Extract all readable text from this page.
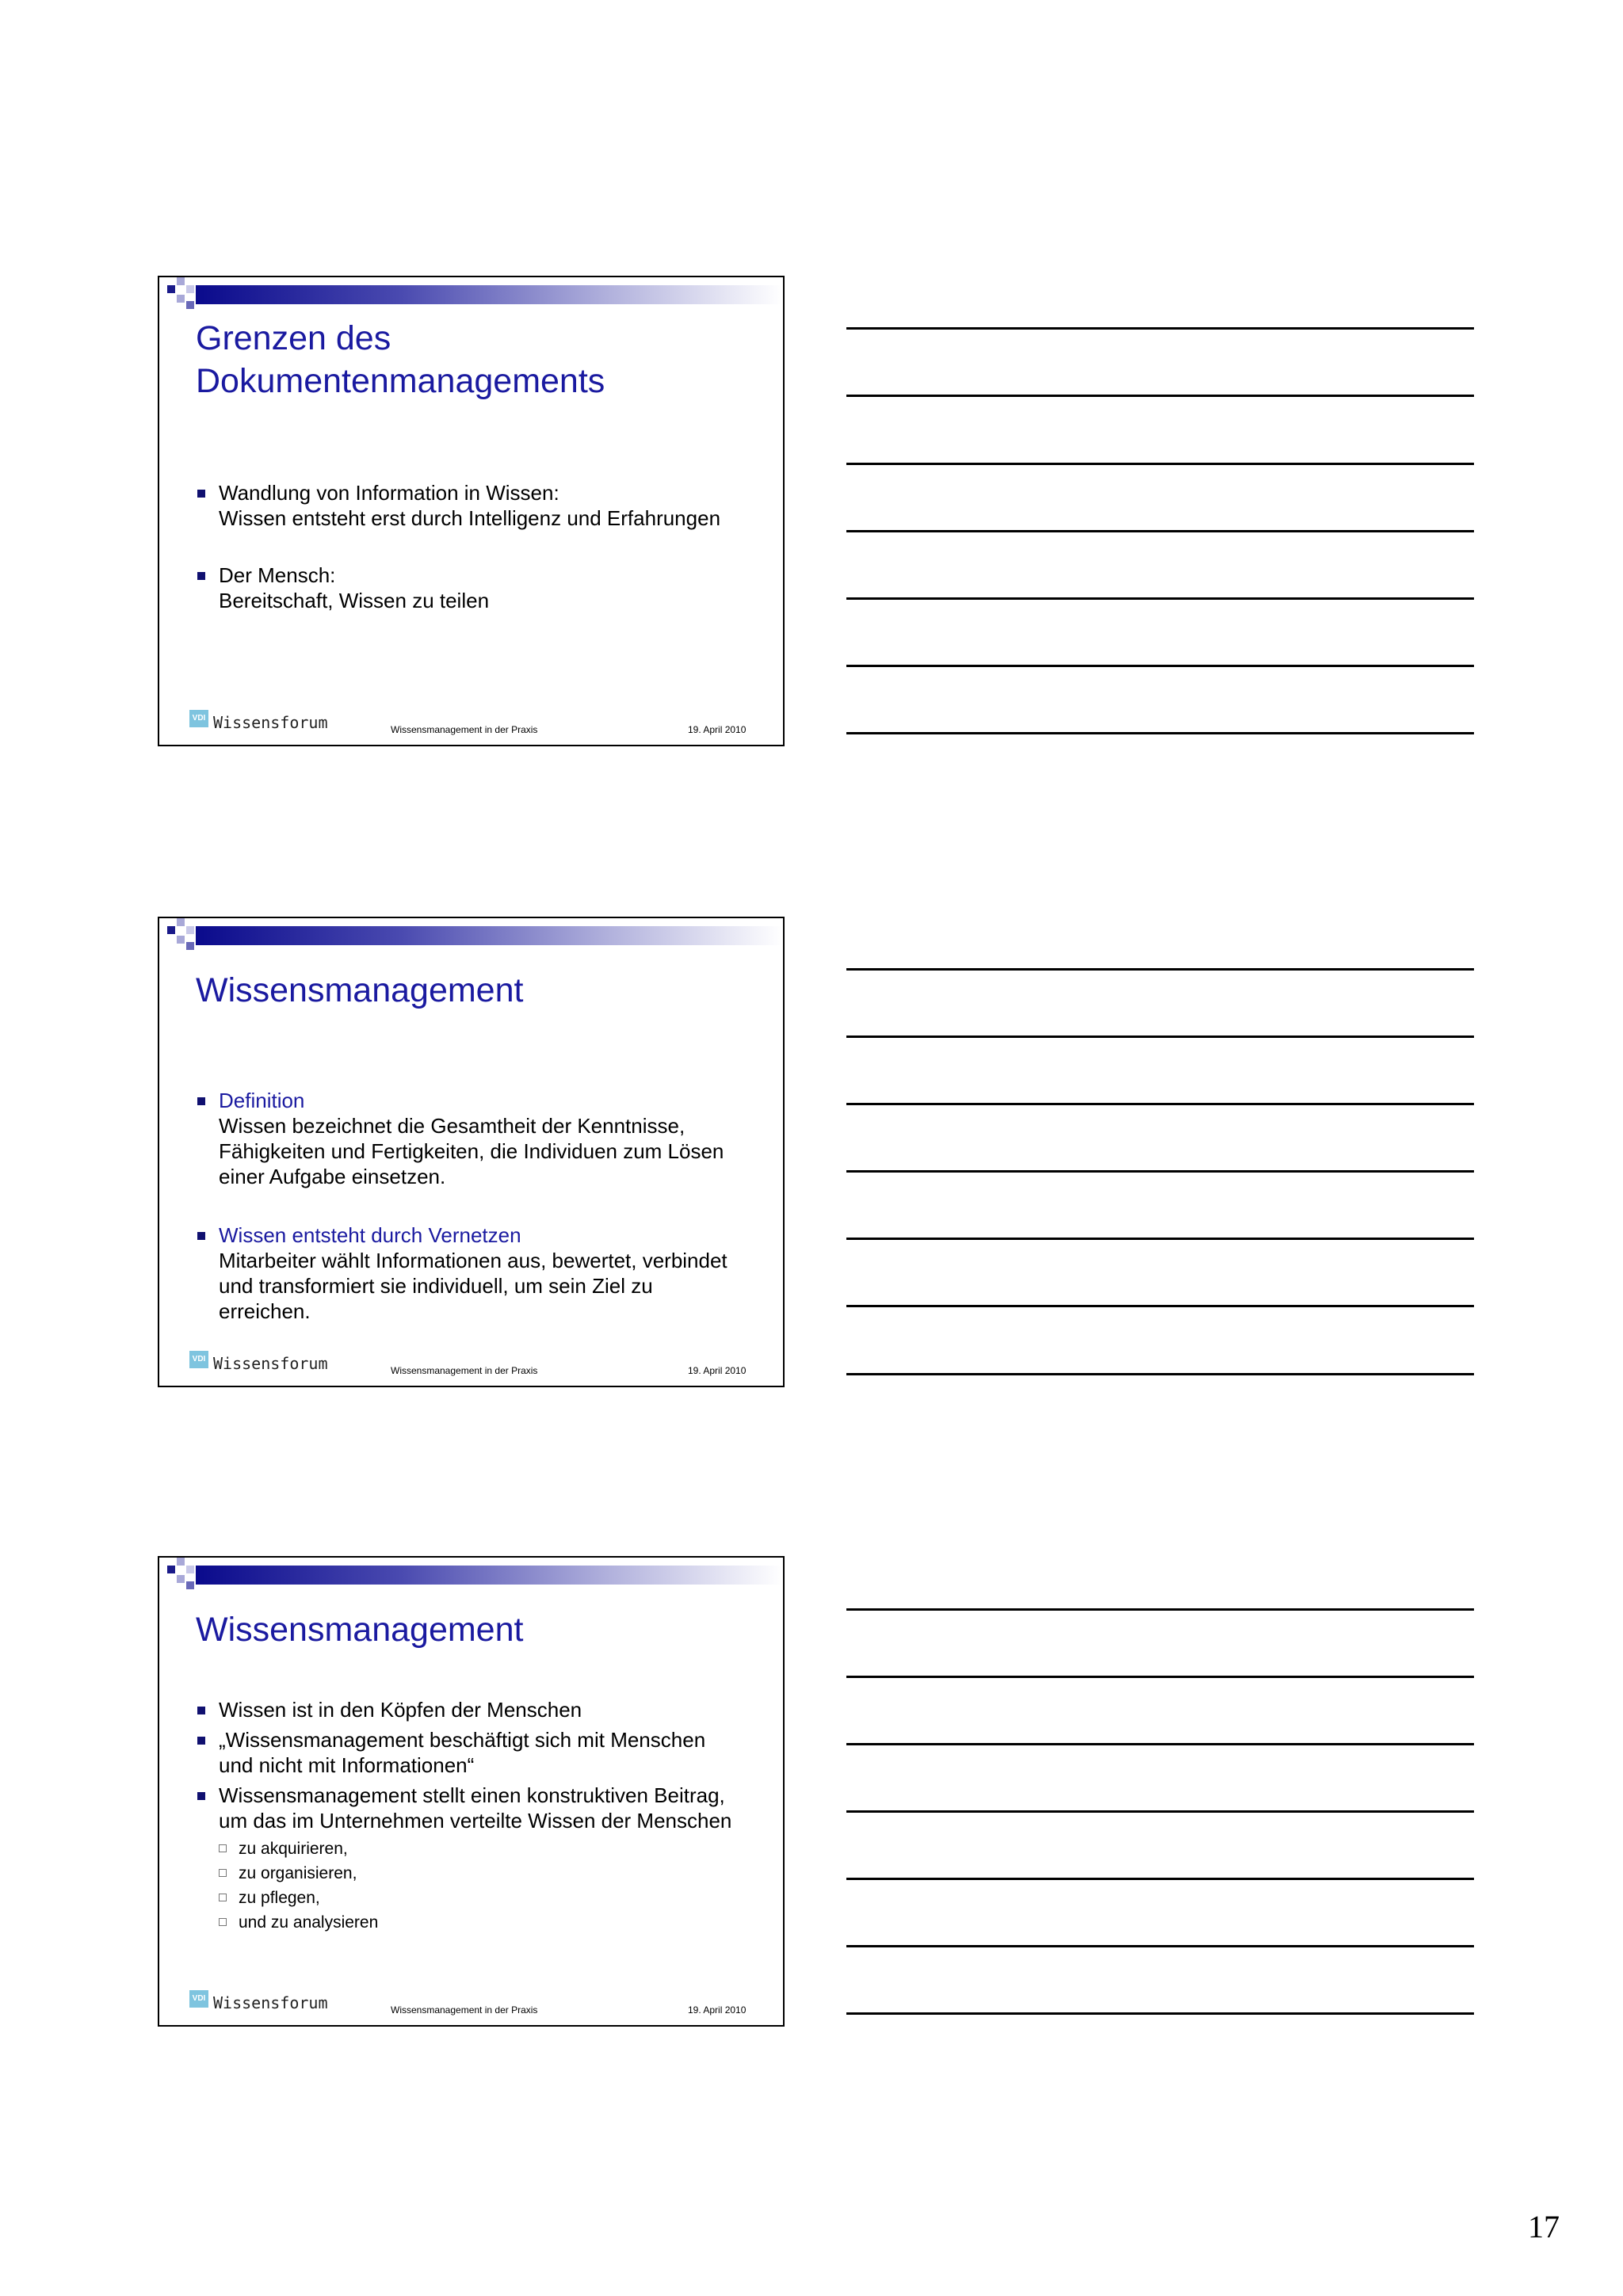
Grenzen des
Dokumentenmanagements
Wandlung von Information in Wissen:
Wissen entsteht erst durch Intelligenz und Erfahrungen
Der Mensch:
Bereitschaft, Wissen zu teilen
VDI Wissensforum	Wissensmanagement in der Praxis	19. April 2010
Wissensmanagement
Definition
Wissen bezeichnet die Gesamtheit der Kenntnisse,
Fähigkeiten und Fertigkeiten, die Individuen zum Lösen
einer Aufgabe einsetzen.
Wissen entsteht durch Vernetzen
Mitarbeiter wählt Informationen aus, bewertet, verbindet
und transformiert sie individuell, um sein Ziel zu
erreichen.
VDI Wissensforum	Wissensmanagement in der Praxis	19. April 2010
Wissensmanagement
Wissen ist in den Köpfen der Menschen
„Wissensmanagement beschäftigt sich mit Menschen
und nicht mit Informationen“
Wissensmanagement stellt einen konstruktiven Beitrag,
um das im Unternehmen verteilte Wissen der Menschen
zu akquirieren,
zu organisieren,
zu pflegen,
und zu analysieren
VDI Wissensforum	Wissensmanagement in der Praxis	19. April 2010
17
